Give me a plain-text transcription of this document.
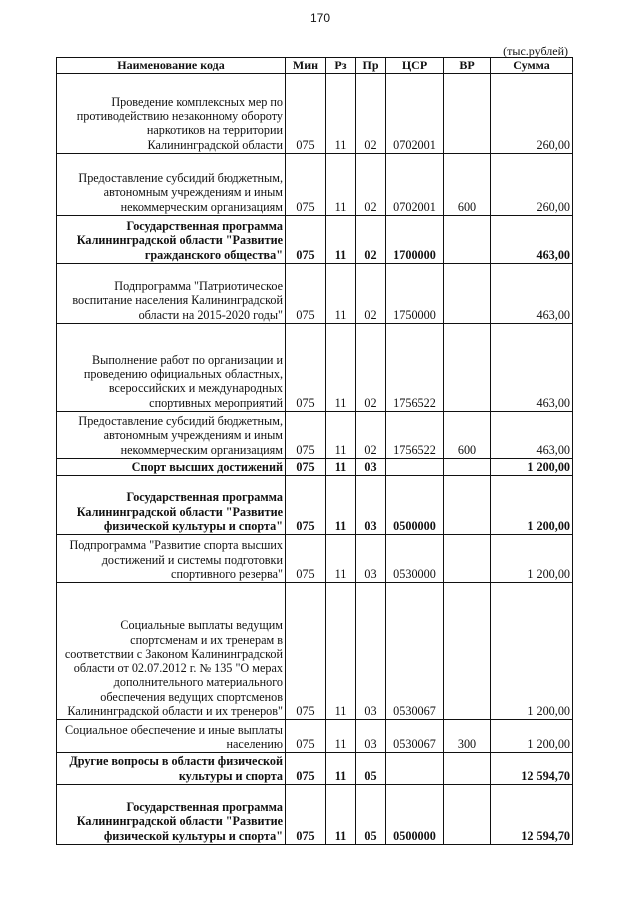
170
(тыс.рублей)
Наименование кода	Мин	Рз	Пр	ЦСР	ВР	Сумма
Проведение комплексных мер по противодействию незаконному обороту наркотиков на территории Калининградской области	075	11	02	0702001		260,00
Предоставление субсидий бюджетным, автономным учреждениям и иным некоммерческим организациям	075	11	02	0702001	600	260,00
Государственная программа Калининградской области "Развитие гражданского общества"	075	11	02	1700000		463,00
Подпрограмма "Патриотическое воспитание населения Калининградской области на 2015-2020 годы"	075	11	02	1750000		463,00
Выполнение работ по организации и проведению официальных областных, всероссийских и международных спортивных мероприятий	075	11	02	1756522		463,00
Предоставление субсидий бюджетным, автономным учреждениям и иным некоммерческим организациям	075	11	02	1756522	600	463,00
Спорт высших достижений	075	11	03			1 200,00
Государственная программа Калининградской области "Развитие физической культуры и спорта"	075	11	03	0500000		1 200,00
Подпрограмма "Развитие спорта высших достижений и системы подготовки спортивного резерва"	075	11	03	0530000		1 200,00
Социальные выплаты ведущим спортсменам и их тренерам в соответствии с Законом Калининградской области от 02.07.2012 г. № 135 "О мерах дополнительного материального обеспечения ведущих спортсменов Калининградской области и их тренеров"	075	11	03	0530067		1 200,00
Социальное обеспечение и иные выплаты населению	075	11	03	0530067	300	1 200,00
Другие вопросы в области физической культуры и спорта	075	11	05			12 594,70
Государственная программа Калининградской области "Развитие физической культуры и спорта"	075	11	05	0500000		12 594,70
